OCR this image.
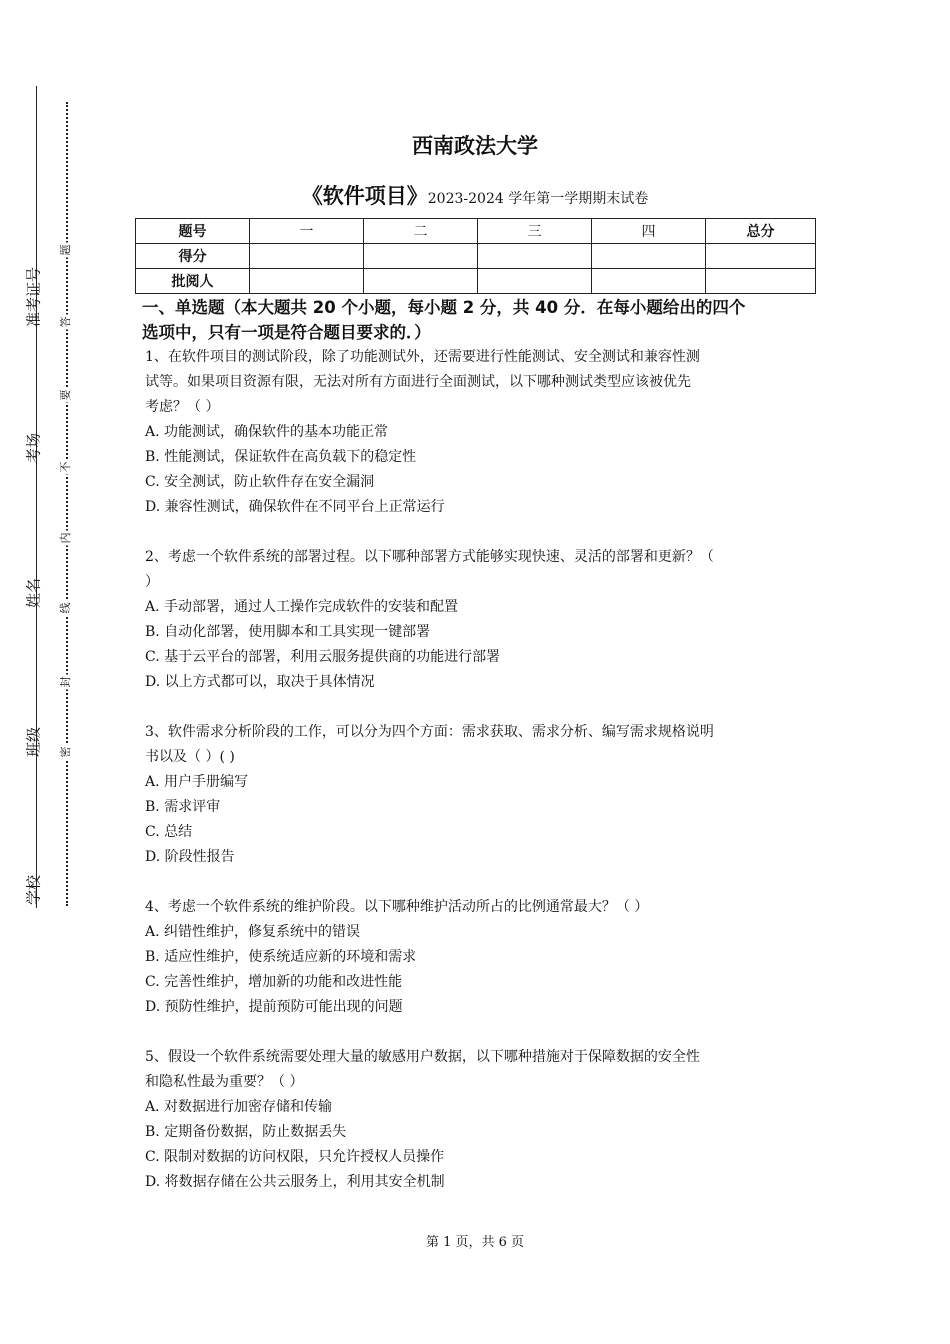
准考证号
考场
姓名
班级
学校
题
答
要
不
内
线
封
密
西南政法大学
《软件项目》2023-2024 学年第一学期期末试卷
题号	一	二	三	四	总分
得分					
批阅人					

一、单选题（本大题共 20 个小题，每小题 2 分，共 40 分．在每小题给出的四个

选项中，只有一项是符合题目要求的．）

1、在软件项目的测试阶段，除了功能测试外，还需要进行性能测试、安全测试和兼容性测

试等。如果项目资源有限，无法对所有方面进行全面测试，以下哪种测试类型应该被优先

考虑？（ ）

A. 功能测试，确保软件的基本功能正常

B. 性能测试，保证软件在高负载下的稳定性

C. 安全测试，防止软件存在安全漏洞

D. 兼容性测试，确保软件在不同平台上正常运行

2、考虑一个软件系统的部署过程。以下哪种部署方式能够实现快速、灵活的部署和更新？（

）

A. 手动部署，通过人工操作完成软件的安装和配置

B. 自动化部署，使用脚本和工具实现一键部署

C. 基于云平台的部署，利用云服务提供商的功能进行部署

D. 以上方式都可以，取决于具体情况

3、软件需求分析阶段的工作，可以分为四个方面：需求获取、需求分析、编写需求规格说明

书以及（ ）( )

A. 用户手册编写

B. 需求评审

C. 总结

D. 阶段性报告

4、考虑一个软件系统的维护阶段。以下哪种维护活动所占的比例通常最大？（ ）

A. 纠错性维护，修复系统中的错误

B. 适应性维护，使系统适应新的环境和需求

C. 完善性维护，增加新的功能和改进性能

D. 预防性维护，提前预防可能出现的问题

5、假设一个软件系统需要处理大量的敏感用户数据，以下哪种措施对于保障数据的安全性

和隐私性最为重要？（ ）

A. 对数据进行加密存储和传输

B. 定期备份数据，防止数据丢失

C. 限制对数据的访问权限，只允许授权人员操作

D. 将数据存储在公共云服务上，利用其安全机制

第 1 页，共 6 页
